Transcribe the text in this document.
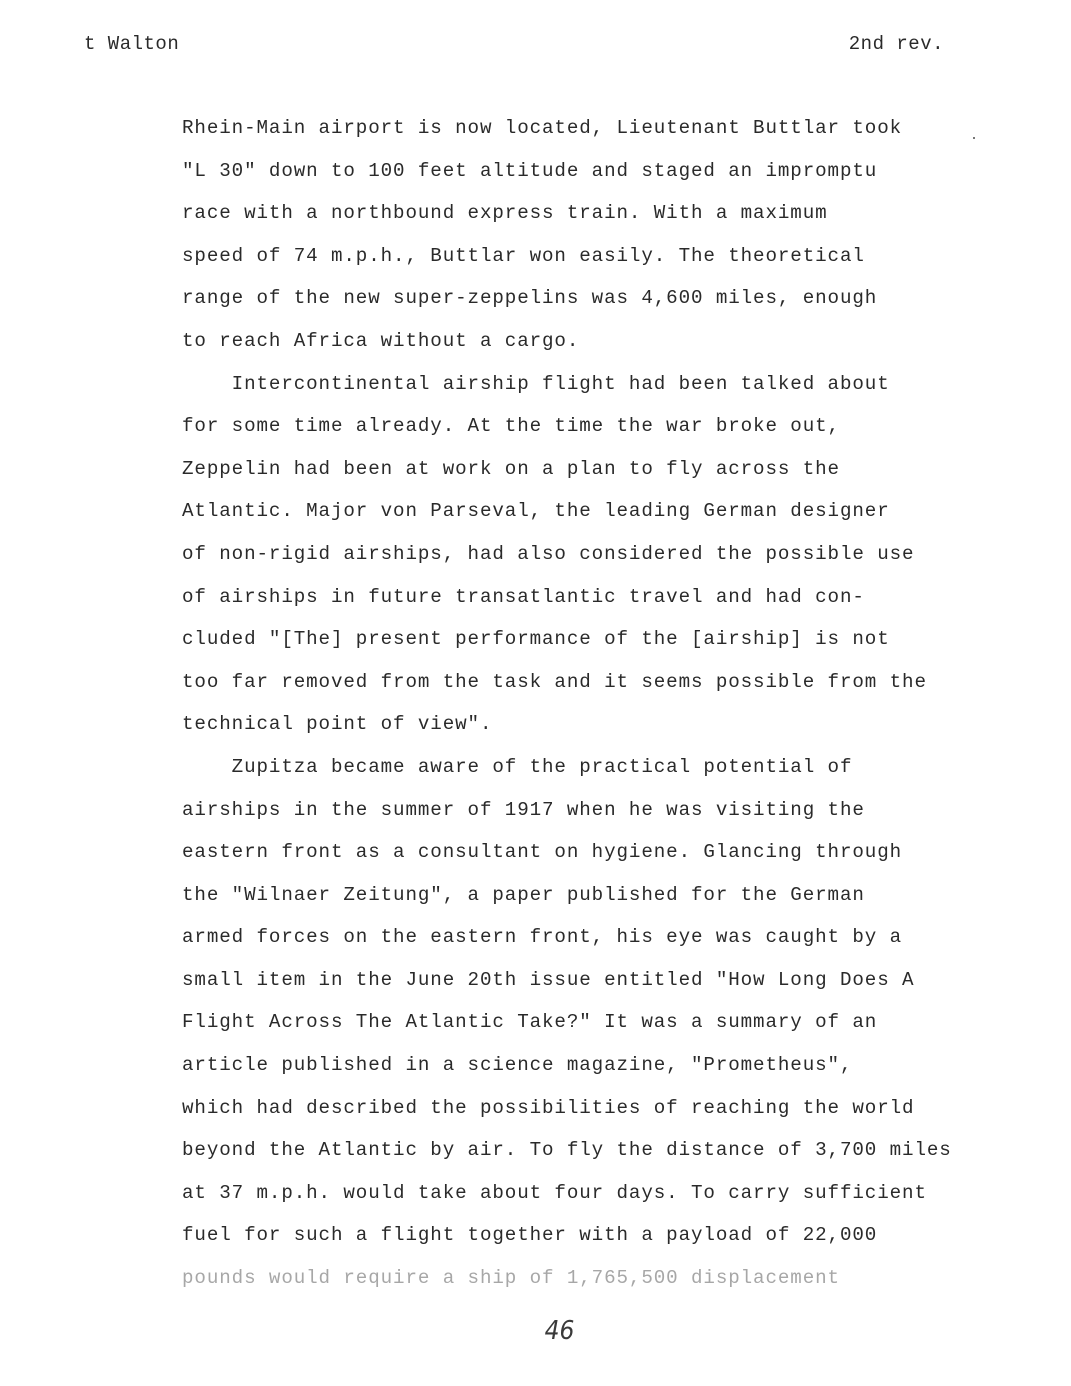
t Walton	2nd rev.
Rhein-Main airport is now located, Lieutenant Buttlar took
"L 30" down to 100 feet altitude and staged an impromptu
race with a northbound express train. With a maximum
speed of 74 m.p.h., Buttlar won easily. The theoretical
range of the new super-zeppelins was 4,600 miles, enough
to reach Africa without a cargo.
Intercontinental airship flight had been talked about
for some time already. At the time the war broke out,
Zeppelin had been at work on a plan to fly across the
Atlantic. Major von Parseval, the leading German designer
of non-rigid airships, had also considered the possible use
of airships in future transatlantic travel and had con-
cluded "[The] present performance of the [airship] is not
too far removed from the task and it seems possible from the
technical point of view".
Zupitza became aware of the practical potential of
airships in the summer of 1917 when he was visiting the
eastern front as a consultant on hygiene. Glancing through
the "Wilnaer Zeitung", a paper published for the German
armed forces on the eastern front, his eye was caught by a
small item in the June 20th issue entitled "How Long Does A
Flight Across The Atlantic Take?" It was a summary of an
article published in a science magazine, "Prometheus",
which had described the possibilities of reaching the world
beyond the Atlantic by air. To fly the distance of 3,700 miles
at 37 m.p.h. would take about four days. To carry sufficient
fuel for such a flight together with a payload of 22,000
pounds would require a ship of 1,765,500 displacement
46
